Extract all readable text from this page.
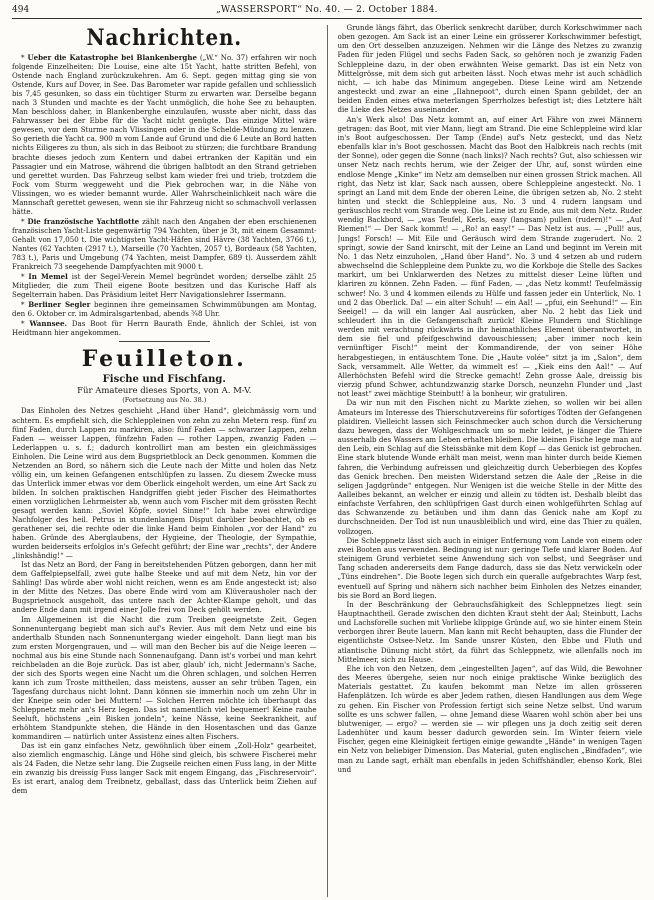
494	„WASSERSPORT“ No. 40. — 2. October 1884.
Nachrichten.

* Ueber die Katastrophe bei Blankenberghe („W.“ No. 37) erfahren wir noch folgende Einzelheiten: Die Louise, eine alte 15t Yacht, hatte stritten Befehl, von Ostende nach England zurückzukehren. Am 6. Sept. gegen mittag ging sie von Ostende, Kurs auf Dover, in See. Das Barometer war rapide gefallen und schliesslich bis 7,45 gesunken, so dass ein tüchtiger Sturm zu erwarten war. Derselbe begann nach 3 Stunden und machte es der Yacht unmöglich, die hohe See zu behaupten. Man beschloss daher, in Blankenberghe einzulaufen, wusste aber nicht, dass das Fahrwasser bei der Ebbe für die Yacht nicht genügte. Das einzige Mittel wäre gewesen, vor dem Sturme nach Vlissingen oder in die Schelde-Mündung zu lenzen. So gerieth die Yacht ca. 900 m vom Lande auf Grund und die 6 Leute an Bord hatten nichts Eiligeres zu thun, als sich in das Beiboot zu stürzen; die furchtbare Brandung brachte dieses jedoch zum Kentern und dabei ertranken der Kapitän und ein Passagier und ein Matrose, während die übrigen halbtodt an den Strand getrieben und gerettet wurden. Das Fahrzeug selbst kam wieder frei und trieb, trotzdem die Fock vom Sturm weggeweht und die Piek gebrochen war, in die Nähe von Vlissingen, wo es wieder bemannt wurde. Aller Wahrscheinlichkeit nach wäre die Mannschaft gerettet gewesen, wenn sie ihr Fahrzeug nicht so schmachvoll verlassen hätte.

* Die französische Yachtflotte zählt nach den Angaben der eben erschienenen französischen Yacht-Liste gegenwärtig 794 Yachten, über je 3t, mit einem Gesammt-Gehalt von 17,050 t. Die wichtigsten Yacht-Häfen sind Hâvre (38 Yachten, 3766 t.), Nantes (62 Yachten (2917 t.), Marseille (70 Yachten, 2057 t), Bordeaux (58 Yachten, 783 t.), Paris und Umgebung (74 Yachten, meist Dampfer, 689 t). Ausserdem zählt Frankreich 73 seegehende Dampfyachten mit 9000 t.

* In Memel ist der Segel-Verein Memel begründet worden; derselbe zählt 25 Mitglieder, die zum Theil eigene Boote besitzen und das Kurische Haff als Segelterrain haben. Das Präsidium leitet Herr Navigationslehrer Issermann.

* Berliner Segler beginnen ihre gemeinsamen Schwimmübungen am Montag, den 6. Oktober cr. im Admiralsgartenbad, abends ¾8 Uhr.

* Wannsee. Das Boot für Herrn Baurath Ende, ähnlich der Schlei, ist von Heidtmann hier angekommen.

Feuilleton.
Fische und Fischfang.
Für Amateure dieses Sports, von A. M-V.
(Fortsetzung aus No. 38.)

Das Einholen des Netzes geschieht „Hand über Hand“, gleichmässig vorn und achtern. Es empfiehlt sich, die Schleppleinen von zehn zu zehn Metern resp. fünf zu fünf Faden, durch Lappen zu markiren, also: fünf Faden — schwarzer Lappen, zehn Faden — weisser Lappen, fünfzehn Faden — rother Lappen, zwanzig Faden — Lederlappen u. s. f.; dadurch kontrollirt man am besten ein gleichmässiges Einholen. Die Leine wird aus dem Bugsprietblock an Deck genommen. Kommen die Netzenden an Bord, so nähern sich die Leute nach der Mitte und holen das Netz völlig ein, um keinen Gefangenen entschlüpfen zu lassen. Zu diesem Zwecke muss das Unterlick immer etwas vor dem Oberlick eingeholt werden, um eine Art Sack zu bilden. In solchen praktischen Handgriffen giebt jeder Fischer des Heimathortes einen vorzüglichen Lehrmeister ab, wenn auch vom Fischer mit dem grössten Recht gesagt werden kann: „Soviel Köpfe, soviel Sinne!“ Ich habe zwei ehrwürdige Nachfolger des heil. Petrus in stundenlangem Disput darüber beobachtet, ob es gerathener sei, die rechte oder die linke Hand beim Einholen „vor der Hand“ zu haben. Gründe des Aberglaubens, der Hygieine, der Theologie, der Sympathie, wurden beiderseits erfolglos in's Gefecht geführt; der Eine war „rechts“, der Andere „linkshändig!“ —

Ist das Netz an Bord, der Fang in bereitstehenden Pützen geborgen, dann her mit dem Gaffelpiepselfall, zwei gute halbe Steeke und auf mit dem Netz, hin vor der Sahling! Das würde aber wohl nicht reichen, wenn es am Ende angesteckt ist; also in der Mitte des Netzes. Das obere Ende wird vom am Klüverausholer nach der Bugsprietnock ausgeholt, das untere nach der Achter-Klampe geholt, und das andere Ende dann mit irgend einer Jolle frei von Deck gehölt werden.

Im Allgemeinen ist die Nacht die zum Treiben geeignetste Zeit. Gegen Sonnenuntergang begiebt man sich auf's Revier. Aus mit dem Netz und eine bis anderthalb Stunden nach Sonnenuntergang wieder eingeholt. Dann liegt man bis zum ersten Morgengrauen, und — will man den Becher bis auf die Neige leeren — nochmal aus bis eine Stunde nach Sonnenaufgang. Dann ist's vorbei und man kehrt reichbeladen an die Boje zurück. Das ist aber, glaub' ich, nicht Jedermann's Sache, der sich des Sports wegen eine Nacht um die Ohren schlagen, und solchen Herren kann ich zum Troste mittheilen, dass meistens, ausser an sehr trüben Tagen, ein Tagesfang durchaus nicht lohnt. Dann können sie immerhin noch um zehn Uhr in der Kneipe sein oder bei Muttern! — Solchen Herren möchte ich überhaupt das Schleppnetz mehr an's Herz legen. Das ist namentlich viel bequemer! Keine rauhe Seeluft, höchstens „ein Bisken jondeln“, keine Nässe, keine Seekrankheit, auf erhöhtem Standpunkte stehen, die Hände in den Hosentaschen und das Ganze kommandiren — natürlich unter Assistenz eines alten Fischers.

Das ist ein ganz einfaches Netz, gewöhnlich über einem „Zoll-Holz“ gearbeitet, also ziemlich engmaschig. Länge und Höhe sind gleich, bis schwere Fischerei mehr als 24 Faden, die Netze sehr lang. Die Zugseile reichen einen Fuss lang, in der Mitte ein zwanzig bis dreissig Fuss langer Sack mit engem Eingang, das „Fischreservoir“. Es ist erart, analog dem Treibnetz, geballast, dass das Unterlick beim Ziehen auf dem

Grunde längs fährt, das Oberlick senkrecht darüber, durch Korkschwimmer nach oben gezogen. Am Sack ist an einer Leine ein grösserer Korkschwimmer befestigt, um den Ort desselben anzuzeigen. Nehmen wir die Länge des Netzes zu zwanzig Faden für jeden Flügel und sechs Faden Sack, so gehören noch je zwanzig Faden Schleppleine dazu, in der oben erwähnten Weise gemarkt. Das ist ein Netz von Mittelgrösse, mit dem sich gut arbeiten lässt. Noch etwas mehr ist auch schädlich nicht, — ich habe das Minimum angegeben. Diese Leine wird am Netzende angesteckt und zwar an eine „Ilahnepoot“, durch einen Spann gebildet, der an beiden Enden eines etwa meterlangen Sperrholzes befestigt ist; dies Letztere hält die Lieke des Netzes auseinander.

An's Werk also! Das Netz kommt an, auf einer Art Fähre von zwei Männern getragen: das Boot, mit vier Mann, liegt am Strand. Die eine Schleppleine wird klar in's Boot aufgeschossen. Der Tamp (Ende) auf's Netz gesteckt, und das Netz ebenfalls klar in's Boot geschossen. Macht das Boot den Halbkreis nach rechts (mit der Sonne), oder gegen die Sonne (nach links)? Nach rechts? Gut, also schiessen wir unser Netz nach rechts herum, wie der Zeiger der Uhr, auf, sonst würden eine endlose Menge „Kinke“ im Netz am demselben nur einen grossen Strick machen. All right, das Netz ist klar, Sack nach aussen, obere Schleppleine angesteckt. No. 1 springt an Land mit dem Ende der oberen Leine, die übrigen setzen ab, No. 2 steht hinten und steckt die Schleppleine aus, No. 3 und 4 rudern langsam und geräuschlos recht vom Strande weg. Die Leine ist zu Ende, aus mit dem Netz. Ruder wendig Backbord, — „was Teufel, Kerls, easy (langsam) pullen (rudern)!“ — „Auf Riemen!“ — Der Sack kommt! — „Ro! an easy!“ — Das Netz ist aus. — „Pull! aus, Jungs! Forsch! — Mit Eile und Geräusch wird dem Strande zugerudert. No. 2 springt, sowie der Sand knirscht, mit der Leine an Land und beginnt im Verein mit No. 1 das Netz einzuholen, „Hand über Hand“. No. 3 und 4 setzen ab und rudern abwechselnd die Schleppleine dem Punkte zu, wo die Korkboje die Stelle des Sackes markirt, um bei Unklarwerden des Netzes zu mittelst dieser Leine lüften und klariren zu können. Zehn Faden. — fünf Faden, — „das Netz kommt! Teufelmässig schwer! No. 3 und 4 kommen eilends zu Hülfe und fassen jeder ein Unterlick, No. 1 und 2 das Oberlick. Da! — ein alter Schuh! — ein Aal! — „pfui, ein Seehund!“ — Ein Seeigel! — da will ein langer Aal ausrücken, aber No. 2 hebt das Liek und schleudert ihn in die Gefangenschaft zurück! Kleine Flundern und Stichlinge werden mit verachtung rückwärts in ihr heimathliches Element überantwortet, in dem sie fiel und pfeifgeschwind davouschiessen; „aber immer noch kein vernünftiger Fisch!“ meint der Kommandirende, der von seiner Höhe herabgestiegen, in entäuschtem Tone. Die „Haute volée“ sitzt ja im „Salon“, dem Sack, versammelt. Alle Wetter, da wimmelt es! — „Kiek eins den Aal!“ — Auf Allerhöchsten Befehl wird die Strecke gemacht! Zehn grosse Aale, dreissig bis vierzig pfund Schwer, achtundzwanzig starke Dorsch, neunzehn Flunder und „last not least“ zwei mächtige Steinbutt! à la bonheur, wir gratuliren.

Da wir nun mit den Fischen nicht zu Markte ziehen, so wollen wir bei allen Amateurs im Interesse des Thierschutzvereins für sofortiges Tödten der Gefangenen plaidiren. Vielleicht lassen sich Feinschmecker auch schon durch die Versicherung dazu bewegen, dass der Wohlgeschmack um so mehr leidet, je länger die Thiere ausserhalb des Wassers am Leben erhalten bleiben. Die kleinen Fische lege man auf den Leib, ein Schlag auf die Steissbänke mit dem Kopf — das Genick ist gebrochen. Eine stark blutende Wunde erhält man meist, wenn man hinter durch beide Kiemen fahren, die Verbindung aufreissen und gleichzeitig durch Ueberbiegen des Kopfes das Genick brechen. Den meisten Widerstand setzen die Aale der „Reise in die seligen Jagdgründe“ entgegen. Nur Wenigen ist die weiche Stelle in der Mitte des Aalleibes bekannt, an welcher er einzig und allein zu tödten ist. Deshalb bleibt das einfachste Verfahren, den schlüpfrigen Gast durch einen wohlgeführten Schlag auf das Schwanzende zu betäuben und ihm dann das Genick nahe am Kopf zu durchschneiden. Der Tod ist nun unausbleiblich und wird, eine das Thier zu quälen, vollzogen.

Die Schleppnetz lässt sich auch in einiger Entfernung vom Lande von einem oder zwei Booten aus verwenden. Bedingung ist nur: geringe Tiefe und klarer Boden. Auf steinigem Grund verbietet seine Anwendung sich von selbst, und Seegräser und Tang schaden andererseits dem Fange dadurch, dass sie das Netz verwickeln oder „Tüns eindrehen“. Die Boote legen sich durch ein queralle aufgebrachtes Warp fest, eventuell auf Spring und nähern sich nachher beim Einholen des Netzes einander, bis sie Bord an Bord liegen.

In der Beschränkung der Gebrauchsfähigkeit des Schleppnetzes liegt sein Hauptnachtheil. Gerade zwischen den dichten Kraut steht der Aal; Steinbutt, Lachs und Lachsforelle suchen mit Vorliebe klippige Gründe auf, wo sie hinter einem Stein verborgen ihrer Beute lauern. Man kann mit Recht behaupten, dass die Flunder der eigentlichste Ostsee-Netz. Im Sande unsrer Küsten, den Ebbe und Fluth und atlantische Dünung nicht stört, da führt das Schleppnetz, wie allenfalls noch im Mittelmeer, sich zu Hause.

Ehe ich von den Netzen, dem „eingestellten Jagen“, auf das Wild, die Bewohner des Meeres übergehe, seien nur noch einige praktische Winke bezüglich des Materials gestattet. Zu kaufen bekommt man Netze im allen grösseren Hafenplätzen. Ich würde es aber Jedem rathen, diesen Handlungen aus dem Wege zu gehen. Ein Fischer von Profession fertigt sich seine Netze selbst. Und warum sollte es uns schwer fallen, — ohne Jemand diese Waaren wohl schön aber bei uns blutweniger, — ergo? — werden sie — wir pflegen uns ja doch zeitig seit deren Ladenhüter und kaum besser dadurch geworden sein. Im Winter feiern viele Fischer, gegen eine Kleinigkeit fertigen einige gewandte „Hände“ in wenigen Tagen ein Netz von beliebiger Dimension. Das Material, guten englischen „Bindfaden“, wie man zu Lande sagt, erhält man ebenfalls in jeden Schiffshändler, ebenso Kork, Blei und
